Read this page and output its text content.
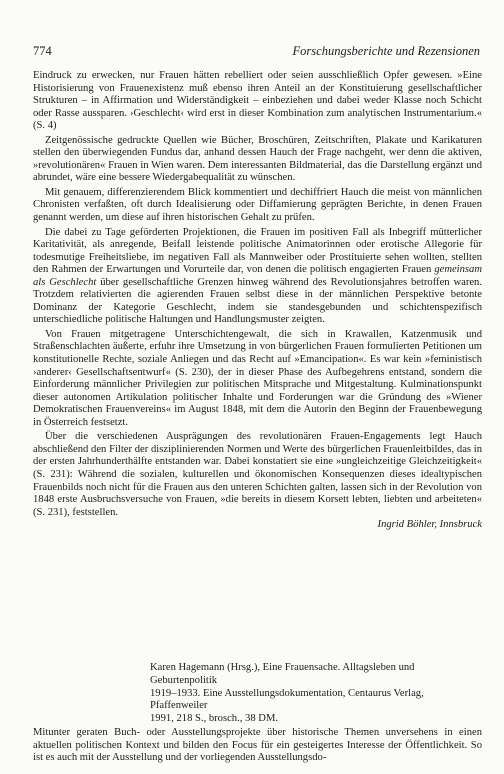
774	Forschungsberichte und Rezensionen

Eindruck zu erwecken, nur Frauen hätten rebelliert oder seien ausschließlich Opfer gewesen. »Eine Historisierung von Frauenexistenz muß ebenso ihren Anteil an der Konstituierung gesellschaftlicher Strukturen – in Affirmation und Widerständigkeit – einbeziehen und dabei weder Klasse noch Schicht oder Rasse aussparen. ›Geschlecht‹ wird erst in dieser Kombination zum analytischen Instrumentarium.« (S. 4)

Zeitgenössische gedruckte Quellen wie Bücher, Broschüren, Zeitschriften, Plakate und Karikaturen stellen den überwiegenden Fundus dar, anhand dessen Hauch der Frage nachgeht, wer denn die aktiven, »revolutionären« Frauen in Wien waren. Dem interessanten Bildmaterial, das die Darstellung ergänzt und abrundet, wäre eine bessere Wiedergabequalität zu wünschen.

Mit genauem, differenzierendem Blick kommentiert und dechiffriert Hauch die meist von männlichen Chronisten verfaßten, oft durch Idealisierung oder Diffamierung geprägten Berichte, in denen Frauen genannt werden, um diese auf ihren historischen Gehalt zu prüfen.

Die dabei zu Tage geförderten Projektionen, die Frauen im positiven Fall als Inbegriff mütterlicher Karitativität, als anregende, Beifall leistende politische Animatorinnen oder erotische Allegorie für todesmutige Freiheitsliebe, im negativen Fall als Mannweiber oder Prostituierte sehen wollten, stellten den Rahmen der Erwartungen und Vorurteile dar, von denen die politisch engagierten Frauen gemeinsam als Geschlecht über gesellschaftliche Grenzen hinweg während des Revolutionsjahres betroffen waren. Trotzdem relativierten die agierenden Frauen selbst diese in der männlichen Perspektive betonte Dominanz der Kategorie Geschlecht, indem sie standesgebunden und schichtenspezifisch unterschiedliche politische Haltungen und Handlungsmuster zeigten.

Von Frauen mitgetragene Unterschichtengewalt, die sich in Krawallen, Katzenmusik und Straßenschlachten äußerte, erfuhr ihre Umsetzung in von bürgerlichen Frauen formulierten Petitionen um konstitutionelle Rechte, soziale Anliegen und das Recht auf »Emancipation«. Es war kein »feministisch ›anderer‹ Gesellschaftsentwurf« (S. 230), der in dieser Phase des Aufbegehrens entstand, sondern die Einforderung männlicher Privilegien zur politischen Mitsprache und Mitgestaltung. Kulminationspunkt dieser autonomen Artikulation politischer Inhalte und Forderungen war die Gründung des »Wiener Demokratischen Frauenvereins« im August 1848, mit dem die Autorin den Beginn der Frauenbewegung in Österreich festsetzt.

Über die verschiedenen Ausprägungen des revolutionären Frauen-Engagements legt Hauch abschließend den Filter der disziplinierenden Normen und Werte des bürgerlichen Frauenleitbildes, das in der ersten Jahrhunderthälfte entstanden war. Dabei konstatiert sie eine »ungleichzeitige Gleichzeitigkeit« (S. 231): Während die sozialen, kulturellen und ökonomischen Konsequenzen dieses idealtypischen Frauenbilds noch nicht für die Frauen aus den unteren Schichten galten, lassen sich in der Revolution von 1848 erste Ausbruchsversuche von Frauen, »die bereits in diesem Korsett lebten, liebten und arbeiteten« (S. 231), feststellen.

Ingrid Böhler, Innsbruck
Karen Hagemann (Hrsg.), Eine Frauensache. Alltagsleben und Geburtenpolitik
1919–1933. Eine Ausstellungsdokumentation, Centaurus Verlag, Pfaffenweiler
1991, 218 S., brosch., 38 DM.

Mitunter geraten Buch- oder Ausstellungsprojekte über historische Themen unversehens in einen aktuellen politischen Kontext und bilden den Focus für ein gesteigertes Interesse der Öffentlichkeit. So ist es auch mit der Ausstellung und der vorliegenden Ausstellungsdo-
